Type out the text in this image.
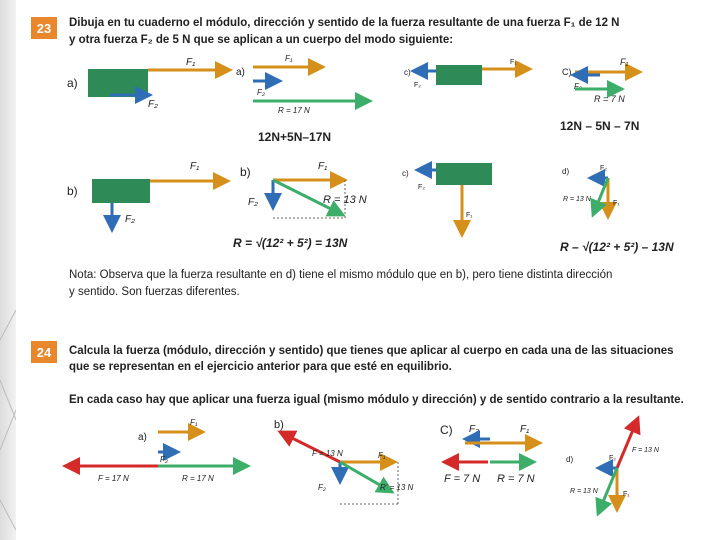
23	Dibuja en tu cuaderno el módulo, dirección y sentido de la fuerza resultante de una fuerza F₁ de 12 N
y otra fuerza F₂ de 5 N que se aplican a un cuerpo del modo siguiente:
a)
F₁
F₂
a)
F₁
F₂
R = 17 N
c)
F₁
F₂
C)
F₁
F₂
R = 7 N
b)
F₁
F₂
b)	F₁
F₂	R = 13 N
c)
F₁
F₂
d)
F₁
F₂
R = 13 N
12N+5N–17N
12N – 5N – 7N
R = √(12² + 5²) = 13N	R – √(12² + 5²) – 13N
Nota: Observa que la fuerza resultante en d) tiene el mismo módulo que en b), pero tiene distinta dirección
y sentido. Son fuerzas diferentes.
24	Calcula la fuerza (módulo, dirección y sentido) que tienes que aplicar al cuerpo en cada una de las situaciones
que se representan en el ejercicio anterior para que esté en equilibrio.
En cada caso hay que aplicar una fuerza igual (mismo módulo y dirección) y de sentido contrario a la resultante.
a)
F₁
F₂
F = 17 N	R = 17 N
b)
F = 13 N	F₁
F₂	R' = 13 N
C) F₂	F₁
F = 7 N R = 7 N
d)
F = 13 N
F₂
F₁
R = 13 N
